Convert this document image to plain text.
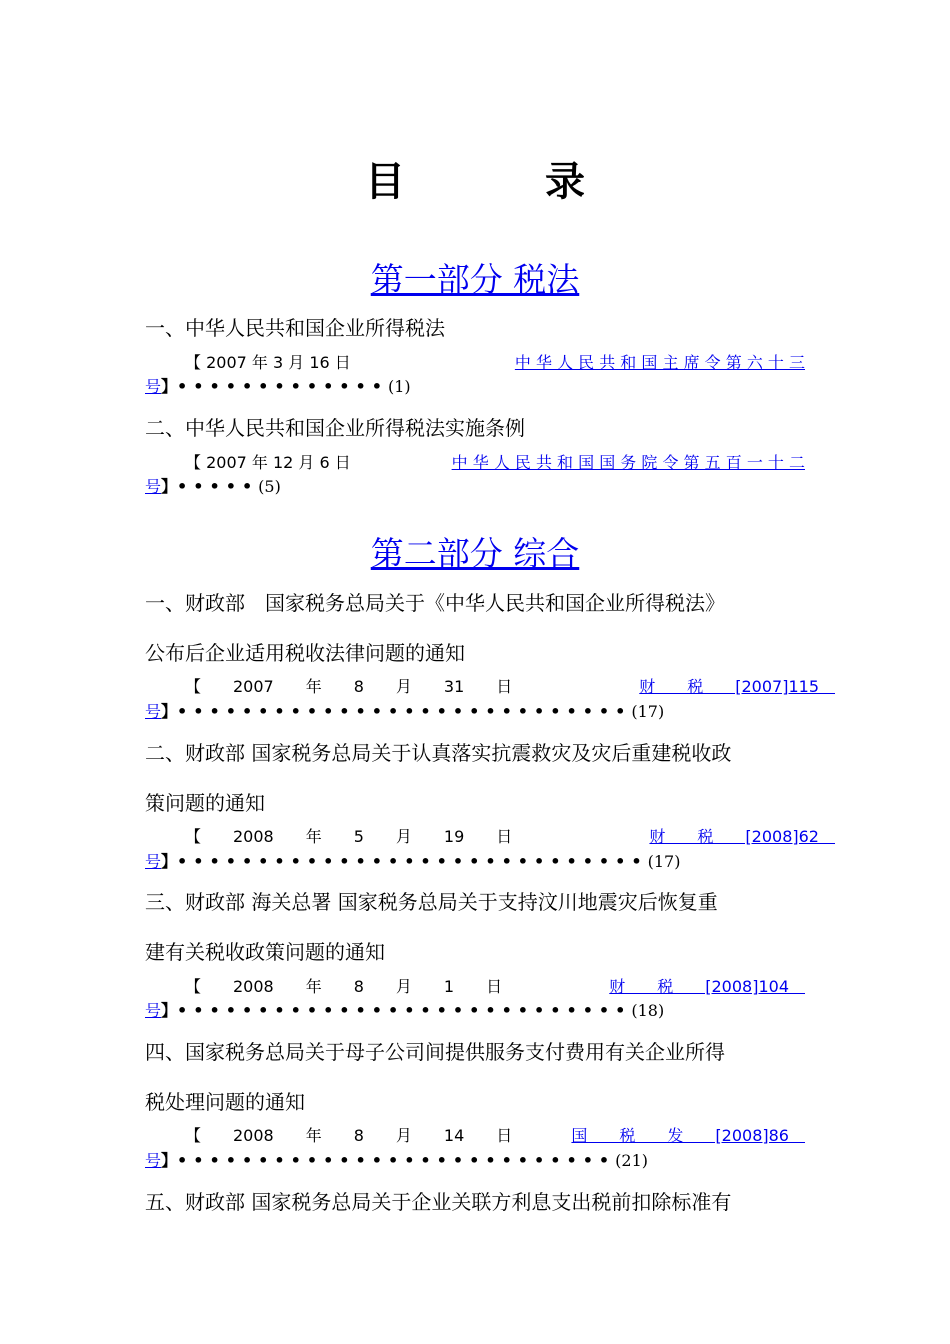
目　录
第一部分 税法
一、中华人民共和国企业所得税法
【 2007 年 3 月 16 日	中 华 人 民 共 和 国 主 席 令 第 六 十 三
号】•••••••••••••(1)
二、中华人民共和国企业所得税法实施条例
【 2007 年 12 月 6 日	中 华 人 民 共 和 国 国 务 院 令 第 五 百 一 十 二
号】•••••(5)
第二部分 综合
一、财政部　国家税务总局关于《中华人民共和国企业所得税法》
公布后企业适用税收法律问题的通知
【　　2007　　年　　8　　月　　31　　日	财　　税　　[2007]115　
号】••••••••••••••••••••••••••••(17)
二、财政部 国家税务总局关于认真落实抗震救灾及灾后重建税收政
策问题的通知
【　　2008　　年　　5　　月　　19　　日	财　　税　　[2008]62　
号】•••••••••••••••••••••••••••••(17)
三、财政部 海关总署 国家税务总局关于支持汶川地震灾后恢复重
建有关税收政策问题的通知
【　　2008　　年　　8　　月　　1　　日	财　　税　　[2008]104　
号】••••••••••••••••••••••••••••(18)
四、国家税务总局关于母子公司间提供服务支付费用有关企业所得
税处理问题的通知
【　　2008　　年　　8　　月　　14　　日	国　　税　　发　　[2008]86　
号】•••••••••••••••••••••••••••(21)
五、财政部 国家税务总局关于企业关联方利息支出税前扣除标准有
